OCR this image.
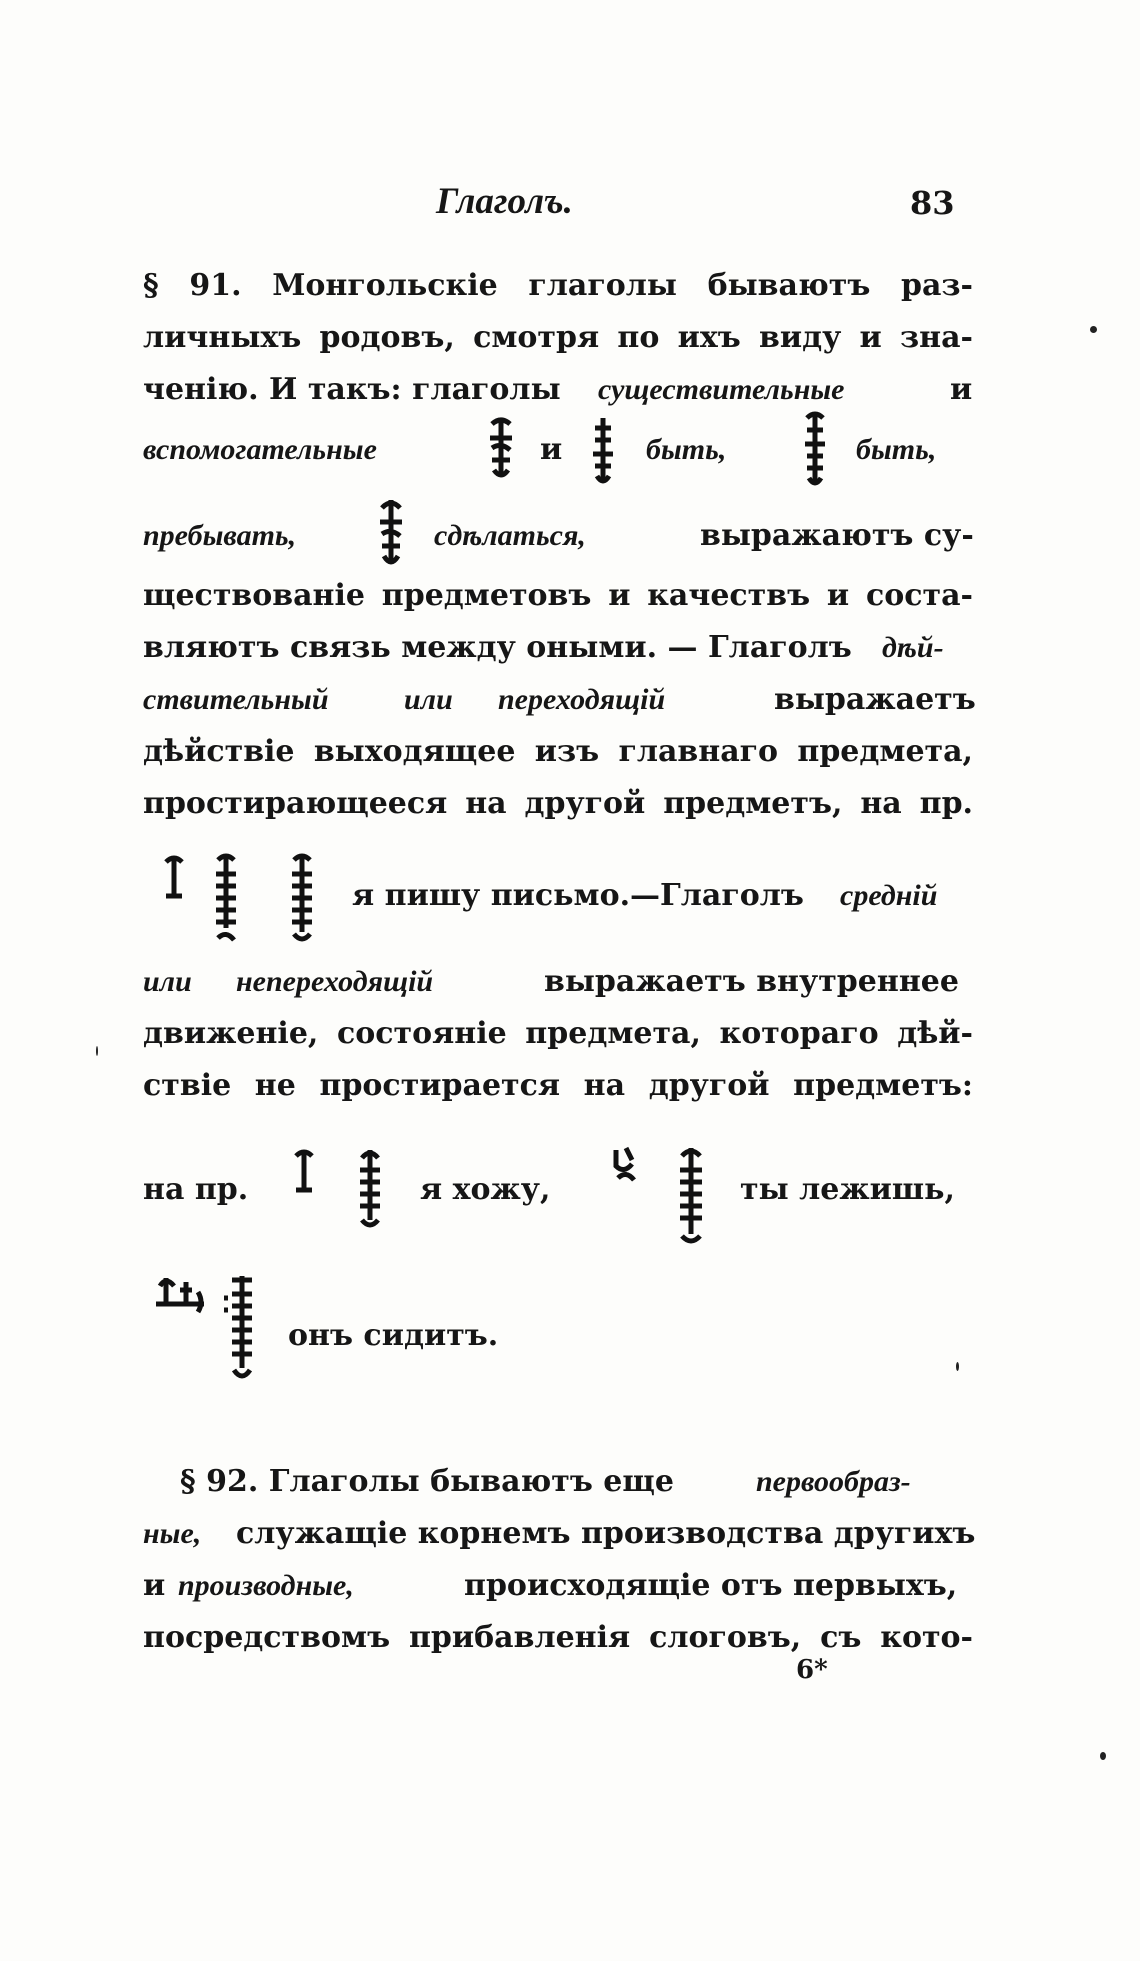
Глаголъ.	83
§ 91. Монгольскіе глаголы бываютъ раз-
личныхъ родовъ, смотря по ихъ виду и зна-
ченію. И такъ: глаголы существительные	и
вспомогательные	и	быть,	быть,
пребывать,	сдѣлаться,	выражаютъ су-
ществованіе предметовъ и качествъ и соста-
вляютъ связь между оными. — Глаголъ дѣй-
ствительный	или переходящій	выражаетъ
дѣйствіе выходящее изъ главнаго предмета,
простирающееся на другой предметъ, на пр.
я пишу письмо.—Глаголъ средній
или непереходящій	выражаетъ внутреннее
движеніе, состояніе предмета, котораго дѣй-
ствіе не простирается на другой предметъ:
на пр.	я хожу,	ты лежишь,
онъ сидитъ.
§ 92. Глаголы бываютъ еще	первообраз-
ные, служащіе корнемъ производства другихъ
и производные,	происходящіе отъ первыхъ,
посредствомъ прибавленія слоговъ, съ кото-
6*
